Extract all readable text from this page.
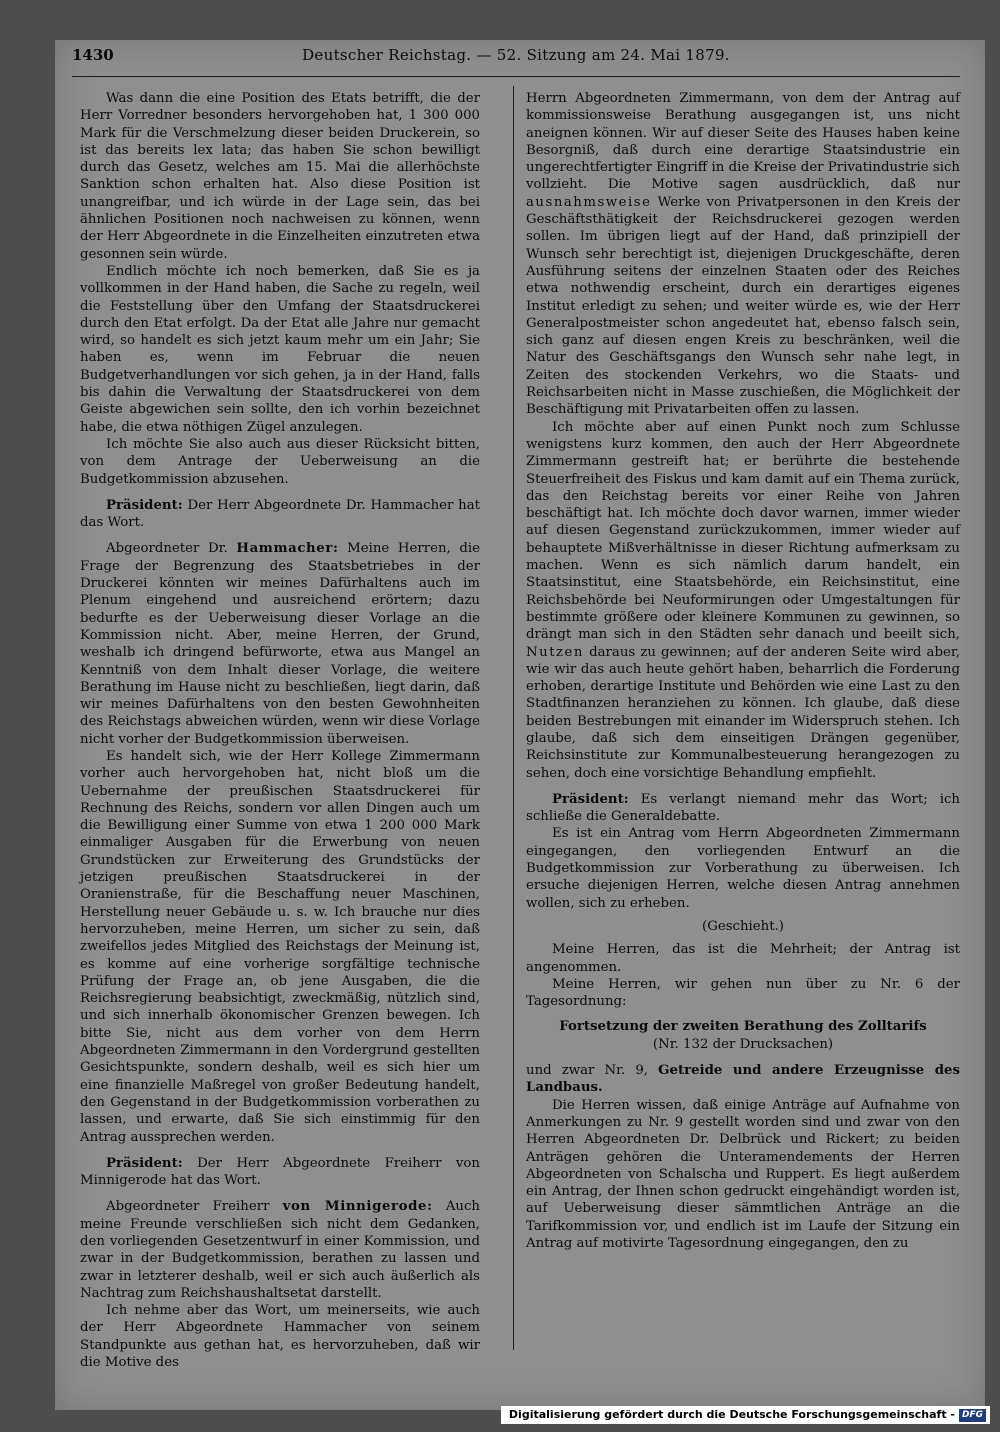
1430	Deutscher Reichstag. — 52. Sitzung am 24. Mai 1879.

Was dann die eine Position des Etats betrifft, die der Herr Vorredner besonders hervorgehoben hat, 1 300 000 Mark für die Verschmelzung dieser beiden Druckerein, so ist das bereits lex lata; das haben Sie schon bewilligt durch das Gesetz, welches am 15. Mai die allerhöchste Sanktion schon erhalten hat. Also diese Position ist unangreifbar, und ich würde in der Lage sein, das bei ähnlichen Positionen noch nachweisen zu können, wenn der Herr Abgeordnete in die Einzelheiten einzutreten etwa gesonnen sein würde.

Endlich möchte ich noch bemerken, daß Sie es ja vollkommen in der Hand haben, die Sache zu regeln, weil die Feststellung über den Umfang der Staatsdruckerei durch den Etat erfolgt. Da der Etat alle Jahre nur gemacht wird, so handelt es sich jetzt kaum mehr um ein Jahr; Sie haben es, wenn im Februar die neuen Budgetverhandlungen vor sich gehen, ja in der Hand, falls bis dahin die Verwaltung der Staatsdruckerei von dem Geiste abgewichen sein sollte, den ich vorhin bezeichnet habe, die etwa nöthigen Zügel anzulegen.

Ich möchte Sie also auch aus dieser Rücksicht bitten, von dem Antrage der Ueberweisung an die Budgetkommission abzusehen.

Präsident: Der Herr Abgeordnete Dr. Hammacher hat das Wort.

Abgeordneter Dr. Hammacher: Meine Herren, die Frage der Begrenzung des Staatsbetriebes in der Druckerei könnten wir meines Dafürhaltens auch im Plenum eingehend und ausreichend erörtern; dazu bedurfte es der Ueberweisung dieser Vorlage an die Kommission nicht. Aber, meine Herren, der Grund, weshalb ich dringend befürworte, etwa aus Mangel an Kenntniß von dem Inhalt dieser Vorlage, die weitere Berathung im Hause nicht zu beschließen, liegt darin, daß wir meines Dafürhaltens von den besten Gewohnheiten des Reichstags abweichen würden, wenn wir diese Vorlage nicht vorher der Budgetkommission überweisen.

Es handelt sich, wie der Herr Kollege Zimmermann vorher auch hervorgehoben hat, nicht bloß um die Uebernahme der preußischen Staatsdruckerei für Rechnung des Reichs, sondern vor allen Dingen auch um die Bewilligung einer Summe von etwa 1 200 000 Mark einmaliger Ausgaben für die Erwerbung von neuen Grundstücken zur Erweiterung des Grundstücks der jetzigen preußischen Staatsdruckerei in der Oranienstraße, für die Beschaffung neuer Maschinen, Herstellung neuer Gebäude u. s. w. Ich brauche nur dies hervorzuheben, meine Herren, um sicher zu sein, daß zweifellos jedes Mitglied des Reichstags der Meinung ist, es komme auf eine vorherige sorgfältige technische Prüfung der Frage an, ob jene Ausgaben, die die Reichsregierung beabsichtigt, zweckmäßig, nützlich sind, und sich innerhalb ökonomischer Grenzen bewegen. Ich bitte Sie, nicht aus dem vorher von dem Herrn Abgeordneten Zimmermann in den Vordergrund gestellten Gesichtspunkte, sondern deshalb, weil es sich hier um eine finanzielle Maßregel von großer Bedeutung handelt, den Gegenstand in der Budgetkommission vorberathen zu lassen, und erwarte, daß Sie sich einstimmig für den Antrag aussprechen werden.

Präsident: Der Herr Abgeordnete Freiherr von Minnigerode hat das Wort.

Abgeordneter Freiherr von Minnigerode: Auch meine Freunde verschließen sich nicht dem Gedanken, den vorliegenden Gesetzentwurf in einer Kommission, und zwar in der Budgetkommission, berathen zu lassen und zwar in letzterer deshalb, weil er sich auch äußerlich als Nachtrag zum Reichshaushaltsetat darstellt.

Ich nehme aber das Wort, um meinerseits, wie auch der Herr Abgeordnete Hammacher von seinem Standpunkte aus gethan hat, es hervorzuheben, daß wir die Motive des

Herrn Abgeordneten Zimmermann, von dem der Antrag auf kommissionsweise Berathung ausgegangen ist, uns nicht aneignen können. Wir auf dieser Seite des Hauses haben keine Besorgniß, daß durch eine derartige Staatsindustrie ein ungerechtfertigter Eingriff in die Kreise der Privatindustrie sich vollzieht. Die Motive sagen ausdrücklich, daß nur ausnahmsweise Werke von Privatpersonen in den Kreis der Geschäftsthätigkeit der Reichsdruckerei gezogen werden sollen. Im übrigen liegt auf der Hand, daß prinzipiell der Wunsch sehr berechtigt ist, diejenigen Druckgeschäfte, deren Ausführung seitens der einzelnen Staaten oder des Reiches etwa nothwendig erscheint, durch ein derartiges eigenes Institut erledigt zu sehen; und weiter würde es, wie der Herr Generalpostmeister schon angedeutet hat, ebenso falsch sein, sich ganz auf diesen engen Kreis zu beschränken, weil die Natur des Geschäftsgangs den Wunsch sehr nahe legt, in Zeiten des stockenden Verkehrs, wo die Staats- und Reichsarbeiten nicht in Masse zuschießen, die Möglichkeit der Beschäftigung mit Privatarbeiten offen zu lassen.

Ich möchte aber auf einen Punkt noch zum Schlusse wenigstens kurz kommen, den auch der Herr Abgeordnete Zimmermann gestreift hat; er berührte die bestehende Steuerfreiheit des Fiskus und kam damit auf ein Thema zurück, das den Reichstag bereits vor einer Reihe von Jahren beschäftigt hat. Ich möchte doch davor warnen, immer wieder auf diesen Gegenstand zurückzukommen, immer wieder auf behauptete Mißverhältnisse in dieser Richtung aufmerksam zu machen. Wenn es sich nämlich darum handelt, ein Staatsinstitut, eine Staatsbehörde, ein Reichsinstitut, eine Reichsbehörde bei Neuformirungen oder Umgestaltungen für bestimmte größere oder kleinere Kommunen zu gewinnen, so drängt man sich in den Städten sehr danach und beeilt sich, Nutzen daraus zu gewinnen; auf der anderen Seite wird aber, wie wir das auch heute gehört haben, beharrlich die Forderung erhoben, derartige Institute und Behörden wie eine Last zu den Stadtfinanzen heranziehen zu können. Ich glaube, daß diese beiden Bestrebungen mit einander im Widerspruch stehen. Ich glaube, daß sich dem einseitigen Drängen gegenüber, Reichsinstitute zur Kommunalbesteuerung herangezogen zu sehen, doch eine vorsichtige Behandlung empfiehlt.

Präsident: Es verlangt niemand mehr das Wort; ich schließe die Generaldebatte.

Es ist ein Antrag vom Herrn Abgeordneten Zimmermann eingegangen, den vorliegenden Entwurf an die Budgetkommission zur Vorberathung zu überweisen. Ich ersuche diejenigen Herren, welche diesen Antrag annehmen wollen, sich zu erheben.

(Geschieht.)

Meine Herren, das ist die Mehrheit; der Antrag ist angenommen.

Meine Herren, wir gehen nun über zu Nr. 6 der Tagesordnung:

Fortsetzung der zweiten Berathung des Zolltarifs
(Nr. 132 der Drucksachen)

und zwar Nr. 9, Getreide und andere Erzeugnisse des Landbaus.

Die Herren wissen, daß einige Anträge auf Aufnahme von Anmerkungen zu Nr. 9 gestellt worden sind und zwar von den Herren Abgeordneten Dr. Delbrück und Rickert; zu beiden Anträgen gehören die Unteramendements der Herren Abgeordneten von Schalscha und Ruppert. Es liegt außerdem ein Antrag, der Ihnen schon gedruckt eingehändigt worden ist, auf Ueberweisung dieser sämmtlichen Anträge an die Tarifkommission vor, und endlich ist im Laufe der Sitzung ein Antrag auf motivirte Tagesordnung eingegangen, den zu

Digitalisierung gefördert durch die Deutsche Forschungsgemeinschaft - DFG
